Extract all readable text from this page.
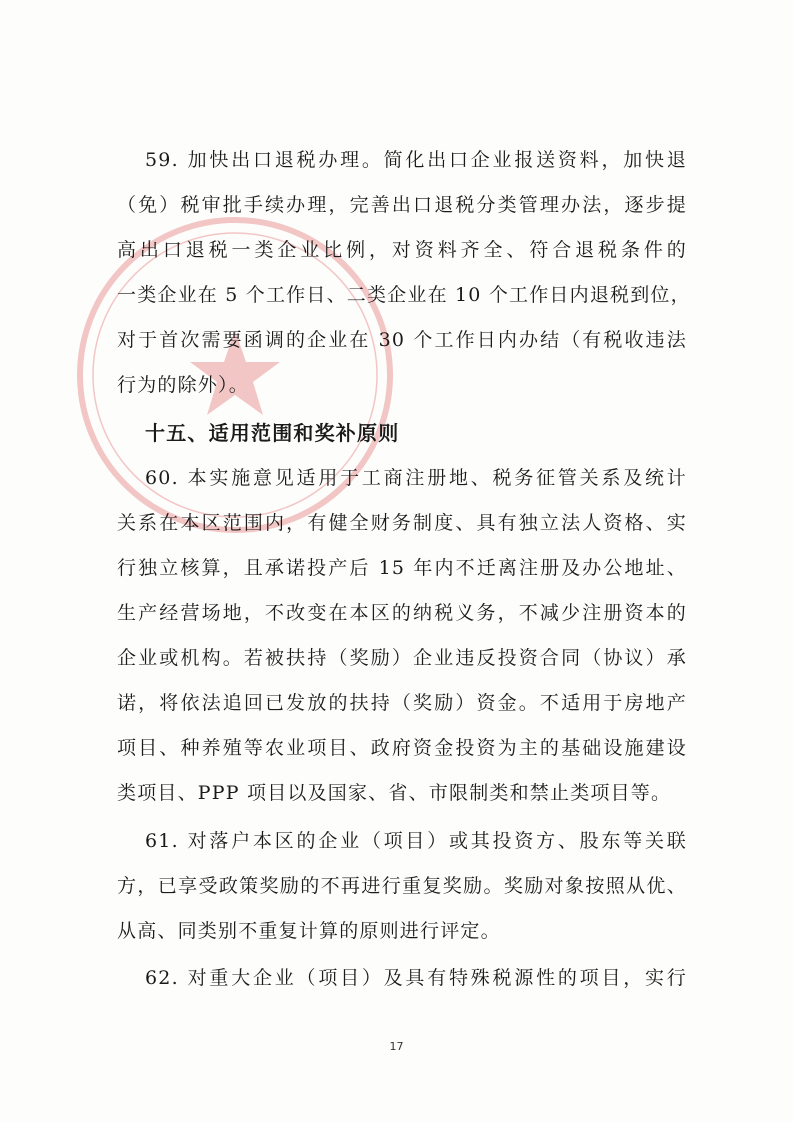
59. 加快出口退税办理。简化出口企业报送资料，加快退
（免）税审批手续办理，完善出口退税分类管理办法，逐步提
高出口退税一类企业比例，对资料齐全、符合退税条件的
一类企业在 5 个工作日、二类企业在 10 个工作日内退税到位，
对于首次需要函调的企业在 30 个工作日内办结（有税收违法
行为的除外）。
十五、适用范围和奖补原则
60. 本实施意见适用于工商注册地、税务征管关系及统计
关系在本区范围内，有健全财务制度、具有独立法人资格、实
行独立核算，且承诺投产后 15 年内不迁离注册及办公地址、
生产经营场地，不改变在本区的纳税义务，不减少注册资本的
企业或机构。若被扶持（奖励）企业违反投资合同（协议）承
诺，将依法追回已发放的扶持（奖励）资金。不适用于房地产
项目、种养殖等农业项目、政府资金投资为主的基础设施建设
类项目、PPP 项目以及国家、省、市限制类和禁止类项目等。
61. 对落户本区的企业（项目）或其投资方、股东等关联
方，已享受政策奖励的不再进行重复奖励。奖励对象按照从优、
从高、同类别不重复计算的原则进行评定。
62. 对重大企业（项目）及具有特殊税源性的项目，实行
17
